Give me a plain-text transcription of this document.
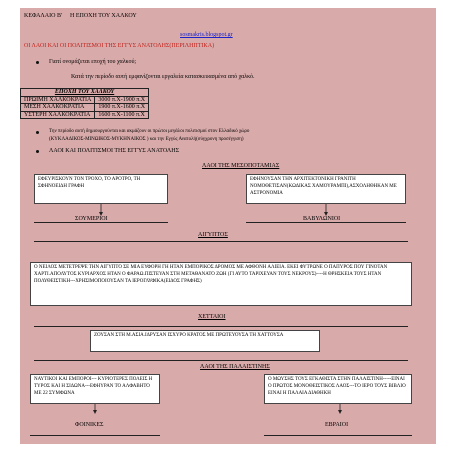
ΚΕΦΑΛΑΙΟ Β' Η ΕΠΟΧΗ ΤΟΥ ΧΑΛΚΟΥ
sosmakris.blogspot.gr
ΟΙ ΛΑΟΙ ΚΑΙ ΟΙ ΠΟΛΙΤΙΣΜΟΙ ΤΗΣ ΕΓΓΥΣ ΑΝΑΤΟΛΗΣ(ΠΕΡΙΛΗΠΤΙΚΑ)
Γιατί ονομάζεται εποχή του χαλκού;
Κατά την περίοδο αυτή εμφανίζονται εργαλεία κατασκευασμένα από χαλκό.
ΕΠΟΧΗ ΤΟΥ ΧΑΛΚΟΥ	
ΠΡΩΙΜΗ ΧΑΛΚΟΚΡΑΤΙΑ	3000 π.Χ-1900 π.Χ
ΜΕΣΗ ΧΑΛΚΟΚΡΑΤΙΑ	1900 π.Χ-1600 π.Χ
ΥΣΤΕΡΗ ΧΑΛΚΟΚΡΑΤΙΑ	1600 π.Χ-1100 π.Χ
Την περίοδο αυτή δημιουργούνται και ακμάζουν οι πρώτοι μεγάλοι πολιτισμοί στον Ελλαδικό χώρο
(ΚΥΚΛΑΔΙΚΟΣ-ΜΙΝΩΙΚΟΣ-ΜΥΚΗΝΑΙΚΟΣ ) και την Εγγύς Ανατολή(σύγχρονη προσέγγιση)
ΛΑΟΙ ΚΑΙ ΠΟΛΙΤΙΣΜΟΙ ΤΗΣ ΕΓΓΥΣ ΑΝΑΤΟΛΗΣ
ΛΑΟΙ ΤΗΣ ΜΕΣΟΠΟΤΑΜΙΑΣ
ΕΦΕΥΡΙΣΚΟΥΝ ΤΟΝ ΤΡΟΧΟ, ΤΟ ΑΡΟΤΡΟ, ΤΗ ΣΦΗΝΟΕΙΔΗ ΓΡΑΦΗ
ΕΦΗΝΟΥΣΑΝ ΤΗΝ ΑΡΧΙΤΕΚΤΟΝΙΚΗ ΓΡΑΝΙΤΗ ΝΟΜΟΘΕΤΙΣΑΝ(ΚΩΔΙΚΑΣ ΧΑΜΟΥΡΑΜΠΙ),ΑΣΧΟΛΗΘΗΚΑΝ ΜΕ ΑΣΤΡΟΝΟΜΙΑ
ΣΟΥΜΕΡΙΟΙ	ΒΑΒΥΛΩΝΙΟΙ
ΑΙΓΥΠΤΟΣ
Ο ΝΕΙΛΟΣ ΜΕΤΕΤΡΕΨΕ ΤΗΝ ΑΙΓΥΠΤΟ ΣΕ ΜΙΑ ΕΥΦΟΡΗ ΓΗ ΗΤΑΝ ΕΜΠΟΡΙΚΟΣ ΔΡΟΜΟΣ ΜΕ ΑΦΘΟΝΗ ΑΛΙΕΙΑ. ΕΚΕΙ ΦΥΤΡΩΝΕ Ο ΠΑΠΥΡΟΣ ΠΟΥ ΓΙΝΟΤΑΝ ΧΑΡΤΙ.ΑΠΟΛΥΤΟΣ ΚΥΡΙΑΡΧΟΣ ΗΤΑΝ Ο ΦΑΡΑΩ.ΠΙΣΤΕΥΑΝ ΣΤΗ ΜΕΤΑΘΑΝΑΤΟ ΖΩΗ (ΓΙ ΑΥΤΟ ΤΑΡΙΧΕΥΑΝ ΤΟΥΣ ΝΕΚΡΟΥΣ)----Η ΘΡΗΣΚΕΙΑ ΤΟΥΣ ΗΤΑΝ ΠΟΛΥΘΕΙΣΤΙΚΗ---ΧΡΗΣΙΜΟΠΟΙΟΥΣΑΝ ΤΑ ΙΕΡΟΓΛΥΦΙΚΑ(ΕΙΔΟΣ ΓΡΑΦΗΣ)
ΧΕΤΤΑΙΟΙ
ΖΟΥΣΑΝ ΣΤΗ Μ.ΑΣΙΑ.ΙΔΡΥΣΑΝ ΙΣΧΥΡΟ ΚΡΑΤΟΣ ΜΕ ΠΡΩΤΕΥΟΥΣΑ ΤΗ ΧΑΤΤΟΥΣΑ
ΛΑΟΙ ΤΗΣ ΠΑΛΑΙΣΤΙΝΗΣ
ΝΑΥΤΙΚΟΙ ΚΑΙ ΕΜΠΟΡΟΙ--- ΚΥΡΙΟΤΕΡΕΣ ΠΟΛΕΙΣ Η ΤΥΡΟΣ ΚΑΙ Η ΣΙΔΩΝΑ---ΕΦΗΥΡΑΝ ΤΟ ΑΛΦΑΒΗΤΟ ΜΕ 22 ΣΥΜΦΩΝΑ
Ο ΜΩΥΣΗΣ ΤΟΥΣ ΕΓΚΑΘΙΣΤΑ ΣΤΗΝ ΠΑΛΑΙΣΤΙΝΗ-----ΕΙΝΑΙ Ο ΠΡΩΤΟΣ ΜΟΝΟΘΕΙΣΤΙΚΟΣ ΛΑΟΣ---ΤΟ ΙΕΡΟ ΤΟΥΣ ΒΙΒΛΙΟ ΕΙΝΑΙ Η ΠΑΛΑΙΑ ΔΙΑΘΗΚΗ
ΦΟΙΝΙΚΕΣ	ΕΒΡΑΙΟΙ
